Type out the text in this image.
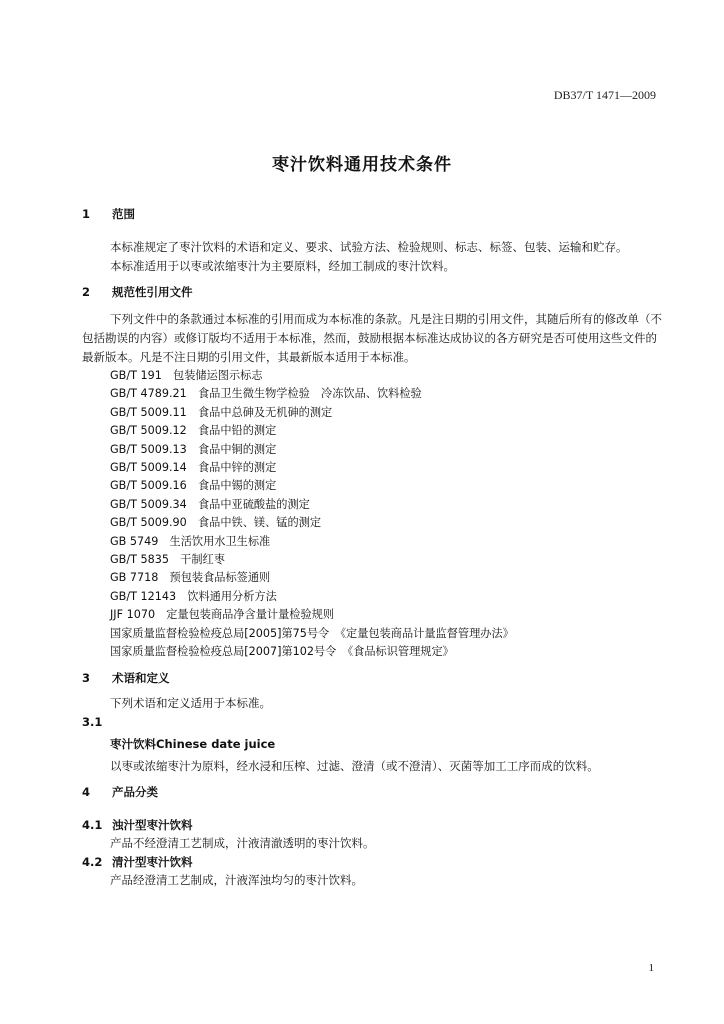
DB37/T 1471—2009
枣汁饮料通用技术条件
1 范围

本标准规定了枣汁饮料的术语和定义、要求、试验方法、检验规则、标志、标签、包装、运输和贮存。

本标准适用于以枣或浓缩枣汁为主要原料，经加工制成的枣汁饮料。

2 规范性引用文件

下列文件中的条款通过本标准的引用而成为本标准的条款。凡是注日期的引用文件，其随后所有的修改单（不包括勘误的内容）或修订版均不适用于本标准，然而，鼓励根据本标准达成协议的各方研究是否可使用这些文件的最新版本。凡是不注日期的引用文件，其最新版本适用于本标准。

GB/T 191　包装储运图示标志

GB/T 4789.21　食品卫生微生物学检验　冷冻饮品、饮料检验

GB/T 5009.11　食品中总砷及无机砷的测定

GB/T 5009.12　食品中铅的测定

GB/T 5009.13　食品中铜的测定

GB/T 5009.14　食品中锌的测定

GB/T 5009.16　食品中锡的测定

GB/T 5009.34　食品中亚硫酸盐的测定

GB/T 5009.90　食品中铁、镁、锰的测定

GB 5749　生活饮用水卫生标准

GB/T 5835　干制红枣

GB 7718　预包装食品标签通则

GB/T 12143　饮料通用分析方法

JJF 1070　定量包装商品净含量计量检验规则

国家质量监督检验检疫总局[2005]第75号令　《定量包装商品计量监督管理办法》

国家质量监督检验检疫总局[2007]第102号令　《食品标识管理规定》

3 术语和定义

下列术语和定义适用于本标准。

3.1

枣汁饮料Chinese date juice

以枣或浓缩枣汁为原料，经水浸和压榨、过滤、澄清（或不澄清）、灭菌等加工工序而成的饮料。

4 产品分类
4.1 浊汁型枣汁饮料

产品不经澄清工艺制成，汁液清澈透明的枣汁饮料。

4.2 清汁型枣汁饮料

产品经澄清工艺制成，汁液浑浊均匀的枣汁饮料。

1
